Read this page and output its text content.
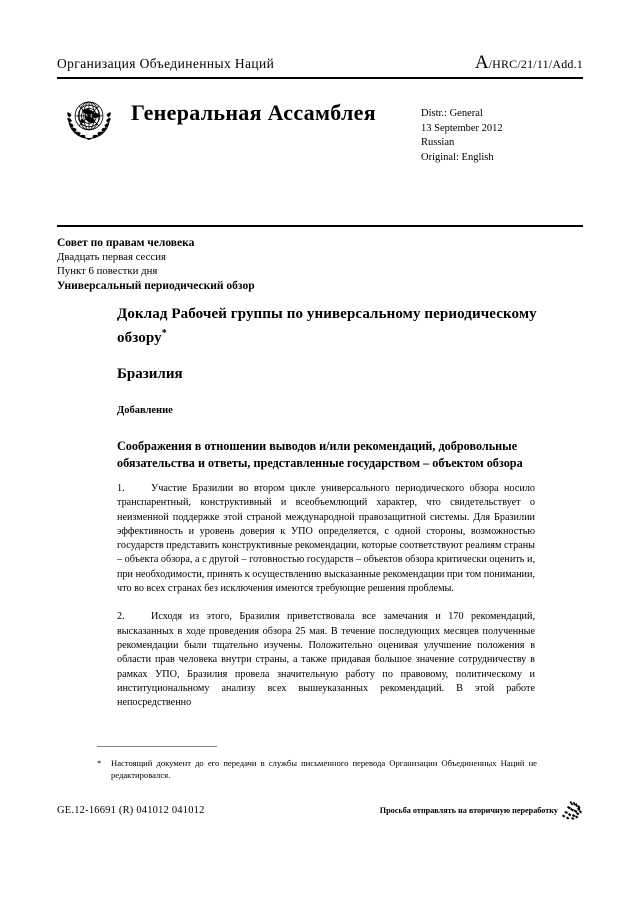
Организация Объединенных Наций	A/HRC/21/11/Add.1
Генеральная Ассамблея	Distr.: General
13 September 2012
Russian
Original: English
Совет по правам человека
Двадцать первая сессия
Пункт 6 повестки дня
Универсальный периодический обзор
Доклад Рабочей группы по универсальному периодическому обзору*
Бразилия
Добавление
Соображения в отношении выводов и/или рекомендаций, добровольные обязательства и ответы, представленные государством – объектом обзора

1.	Участие Бразилии во втором цикле универсального периодического обзора носило транспарентный, конструктивный и всеобъемлющий характер, что свидетельствует о неизменной поддержке этой страной международной правозащитной системы. Для Бразилии эффективность и уровень доверия к УПО определяется, с одной стороны, возможностью государств представить конструктивные рекомендации, которые соответствуют реалиям страны – объекта обзора, а с другой – готовностью государств – объектов обзора критически оценить и, при необходимости, принять к осуществлению высказанные рекомендации при том понимании, что во всех странах без исключения имеются требующие решения проблемы.

2.	Исходя из этого, Бразилия приветствовала все замечания и 170 рекомендаций, высказанных в ходе проведения обзора 25 мая. В течение последующих месяцев полученные рекомендации были тщательно изучены. Положительно оценивая улучшение положения в области прав человека внутри страны, а также придавая большое значение сотрудничеству в рамках УПО, Бразилия провела значительную работу по правовому, политическому и институциональному анализу всех вышеуказанных рекомендаций. В этой работе непосредственно

*	Настоящий документ до его передачи в службы письменного перевода Организации Объединенных Наций не редактировался.
GE.12-16691 (R) 041012 041012	Просьба отправлять на вторичную переработку
